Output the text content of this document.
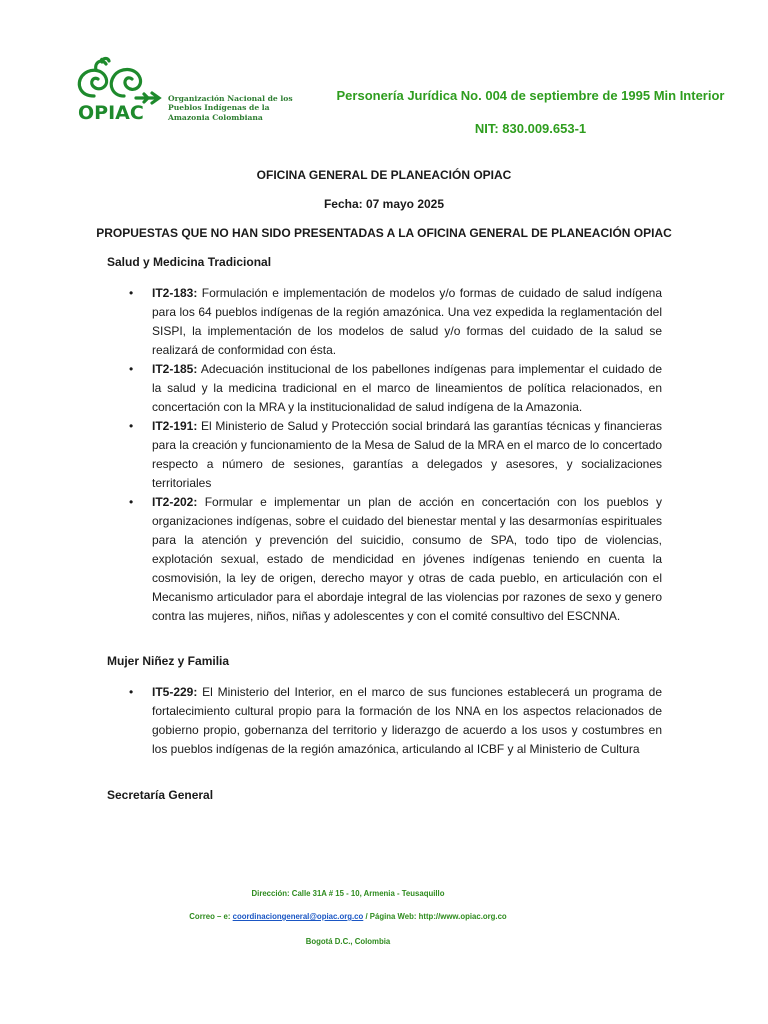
OPIAC
Organización Nacional de los Pueblos Indígenas de la Amazonia Colombiana
Personería Jurídica No. 004 de septiembre de 1995 Min Interior
NIT: 830.009.653-1
OFICINA GENERAL DE PLANEACIÓN OPIAC
Fecha: 07 mayo 2025
PROPUESTAS QUE NO HAN SIDO PRESENTADAS A LA OFICINA GENERAL DE PLANEACIÓN OPIAC
Salud y Medicina Tradicional
• IT2-183: Formulación e implementación de modelos y/o formas de cuidado de salud indígena para los 64 pueblos indígenas de la región amazónica. Una vez expedida la reglamentación del SISPI, la implementación de los modelos de salud y/o formas del cuidado de la salud se realizará de conformidad con ésta.
• IT2-185: Adecuación institucional de los pabellones indígenas para implementar el cuidado de la salud y la medicina tradicional en el marco de lineamientos de política relacionados, en concertación con la MRA y la institucionalidad de salud indígena de la Amazonia.
• IT2-191: El Ministerio de Salud y Protección social brindará las garantías técnicas y financieras para la creación y funcionamiento de la Mesa de Salud de la MRA en el marco de lo concertado respecto a número de sesiones, garantías a delegados y asesores, y socializaciones territoriales
• IT2-202: Formular e implementar un plan de acción en concertación con los pueblos y organizaciones indígenas, sobre el cuidado del bienestar mental y las desarmonías espirituales para la atención y prevención del suicidio, consumo de SPA, todo tipo de violencias, explotación sexual, estado de mendicidad en jóvenes indígenas teniendo en cuenta la cosmovisión, la ley de origen, derecho mayor y otras de cada pueblo, en articulación con el Mecanismo articulador para el abordaje integral de las violencias por razones de sexo y genero contra las mujeres, niños, niñas y adolescentes y con el comité consultivo del ESCNNA.
Mujer Niñez y Familia
• IT5-229: El Ministerio del Interior, en el marco de sus funciones establecerá un programa de fortalecimiento cultural propio para la formación de los NNA en los aspectos relacionados de gobierno propio, gobernanza del territorio y liderazgo de acuerdo a los usos y costumbres en los pueblos indígenas de la región amazónica, articulando al ICBF y al Ministerio de Cultura
Secretaría General
Dirección: Calle 31A # 15 - 10, Armenia - Teusaquillo
Correo – e: coordinaciongeneral@opiac.org.co / Página Web: http://www.opiac.org.co
Bogotá D.C., Colombia
